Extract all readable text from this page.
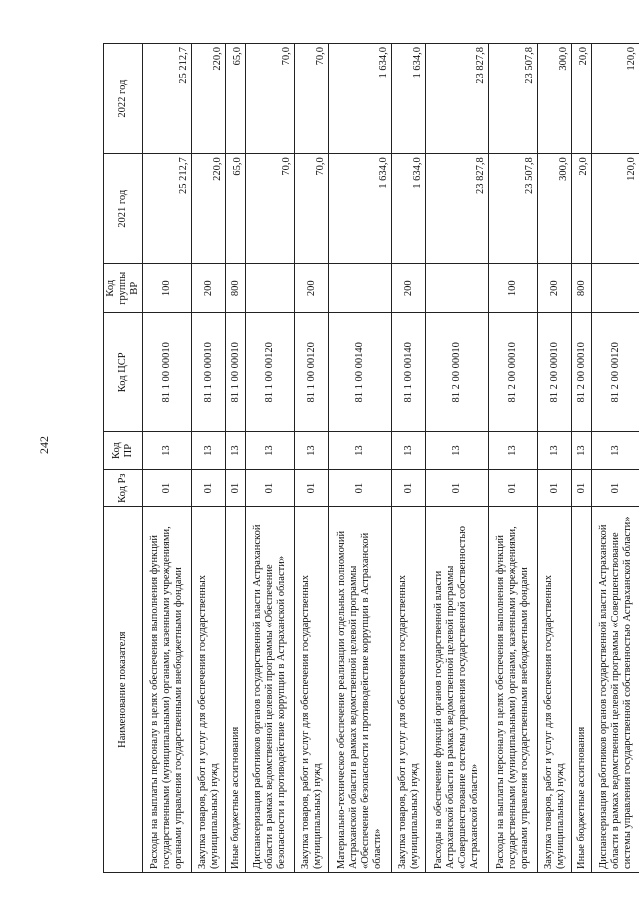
242
Наименование показателя	Код Рз	Код ПР	Код ЦСР	Код группы ВР	2021 год	2022 год
Расходы на выплаты персоналу в целях обеспечения выполнения функций государственными (муниципальными) органами, казенными учреждениями, органами управления государственными внебюджетными фондами	01	13	81 1 00 00010	100	25 212,7	25 212,7
Закупка товаров, работ и услуг для обеспечения государственных (муниципальных) нужд	01	13	81 1 00 00010	200	220,0	220,0
Иные бюджетные ассигнования	01	13	81 1 00 00010	800	65,0	65,0
Диспансеризация работников органов государственной власти Астраханской области в рамках ведомственной целевой программы «Обеспечение безопасности и противодействие коррупции в Астраханской области»	01	13	81 1 00 00120		70,0	70,0
Закупка товаров, работ и услуг для обеспечения государственных (муниципальных) нужд	01	13	81 1 00 00120	200	70,0	70,0
Материально-техническое обеспечение реализации отдельных полномочий Астраханской области в рамках ведомственной целевой программы «Обеспечение безопасности и противодействие коррупции в Астраханской области»	01	13	81 1 00 00140		1 634,0	1 634,0
Закупка товаров, работ и услуг для обеспечения государственных (муниципальных) нужд	01	13	81 1 00 00140	200	1 634,0	1 634,0
Расходы на обеспечение функций органов государственной власти Астраханской области в рамках ведомственной целевой программы «Совершенствование системы управления государственной собственностью Астраханской области»	01	13	81 2 00 00010		23 827,8	23 827,8
Расходы на выплаты персоналу в целях обеспечения выполнения функций государственными (муниципальными) органами, казенными учреждениями, органами управления государственными внебюджетными фондами	01	13	81 2 00 00010	100	23 507,8	23 507,8
Закупка товаров, работ и услуг для обеспечения государственных (муниципальных) нужд	01	13	81 2 00 00010	200	300,0	300,0
Иные бюджетные ассигнования	01	13	81 2 00 00010	800	20,0	20,0
Диспансеризация работников органов государственной власти Астраханской области в рамках ведомственной целевой программы «Совершенствование системы управления государственной собственностью Астраханской области»	01	13	81 2 00 00120		120,0	120,0
